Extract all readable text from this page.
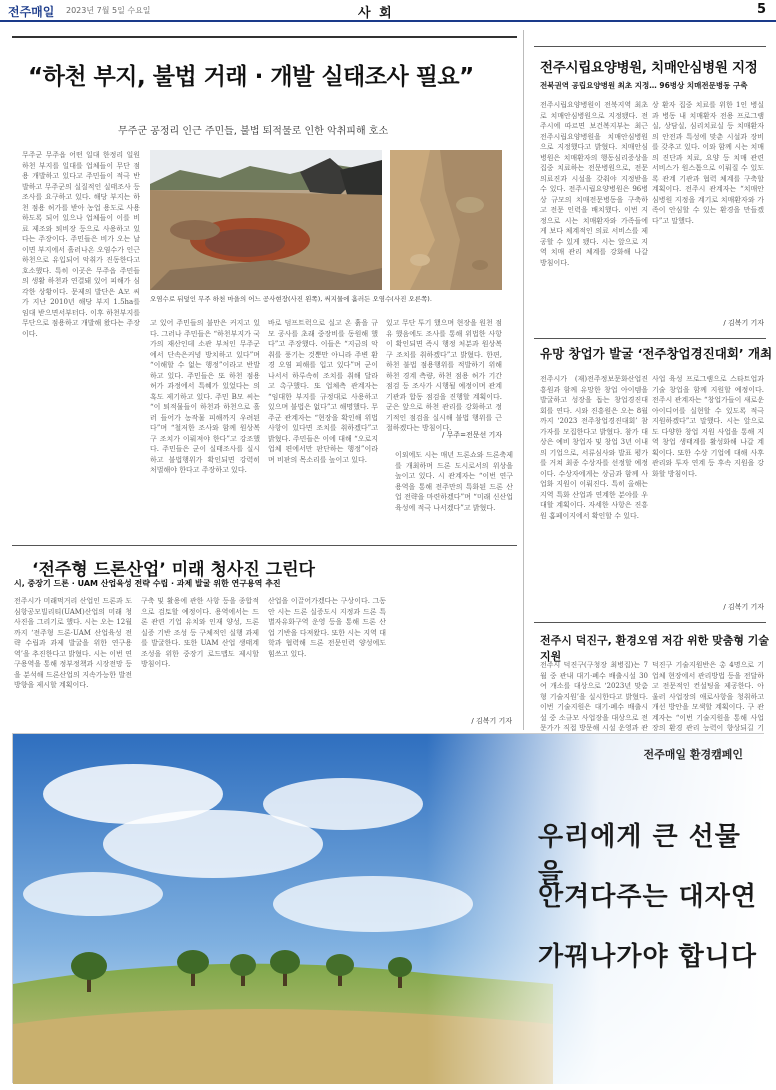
전주매일 2023년 7월 5일 수요일	사 회	5
“하천 부지, 불법 거래 · 개발 실태조사 필요”
무주군 공정리 인근 주민들, 불법 퇴적물로 인한 악취피해 호소
무주군 무주읍 어떤 일대 한정리 일원 하천 부지를 일대를 업체들이 무단 점용 개발하고 있다고 주민들이 적극 반발하고 무주군의 실질적인 실태조사 등 조사를 요구하고 있다. 해당 부지는 하천 점용 허가를 받아 농업 용도로 사용하도록 되어 있으나 업체들이 이를 비료 제조와 퇴비장 등으로 사용하고 있다는 주장이다. 주민들은 비가 오는 날이면 부지에서 흘러나온 오염수가 인근 하천으로 유입되어 악취가 진동한다고 호소했다. 특히 이곳은 무주읍 주민들의 생활 하천과 연결돼 있어 피해가 심각한 상황이다. 문제의 발단은 A모 씨가 지난 2010년 해당 부지 1.5ha를 임대 받으면서부터다. 이후 하천부지를 무단으로 점용하고 개발해 왔다는 주장이다.
오염수로 뒤덮인 무주 하천 마을의 어느 공사현장(사진 왼쪽), 써지물에 흘러든 오염수(사진 오른쪽).
고 있어 주민들의 불만은 커지고 있다. 그러나 주민들은 “하천부지가 국가의 재산인데 소관 부처인 무주군에서 단속은커녕 방치하고 있다”며 “이해할 수 없는 행정”이라고 반발하고 있다. 주민들은 또 하천 점용 허가 과정에서 특혜가 있었다는 의혹도 제기하고 있다. 주민 B모 씨는 “이 퇴적물들이 하천과 하천으로 흘러 들어가 농작물 피해까지 우려된다”며 “철저한 조사와 함께 원상복구 조치가 이뤄져야 한다”고 강조했다. 주민들은 군이 실태조사를 실시하고 불법행위가 확인되면 강력히 처벌해야 한다고 주장하고 있다.
바로 덤프트럭으로 실고 온 흙을 규모 공사를 초래 중장비를 동원해 했다”고 주장했다. 이들은 “지금의 악취를 풍기는 것뿐만 아니라 주변 환경 오염 피해를 입고 있다”며 군이 나서서 하루속히 조치를 취해 달라고 촉구했다. 또 업체측 관계자는 “임대한 부지를 규정대로 사용하고 있으며 불법은 없다”고 해명했다. 무주군 관계자는 “현장을 확인해 위법 사항이 있다면 조치를 취하겠다”고 밝혔다. 주민들은 이에 대해 “오로지 업체 편에서만 판단하는 행정”이라며 비판의 목소리를 높이고 있다.
있고 무단 투기 했으며 현장을 원천 점유 했음에도 조사를 통해 위법한 사항이 확인되면 즉시 행정 처분과 원상복구 조치를 취하겠다”고 밝혔다. 한편, 하천 불법 점용행위를 적발하기 위해 하천 경계 측량, 하천 점용 허가 기간 점검 등 조사가 시행될 예정이며 관계 기관과 합동 점검을 진행할 계획이다. 군은 앞으로 하천 관리를 강화하고 정기적인 점검을 실시해 불법 행위를 근절하겠다는 방침이다.
/ 무주=전문선 기자
전주시립요양병원, 치매안심병원 지정
전북권역 공립요양병원 최초 지정… 96병상 치매전문병동 구축
전주시립요양병원이 전북지역 최초로 치매안심병원으로 지정됐다. 전주시에 따르면 보건복지부는 최근 전주시립요양병원을 치매안심병원으로 지정했다고 밝혔다. 치매안심병원은 치매환자의 행동심리증상을 집중 치료하는 전문병원으로, 전문 의료진과 시설을 갖춰야 지정받을 수 있다. 전주시립요양병원은 96병상 규모의 치매전문병동을 구축하고 전문 인력을 배치했다. 이번 지정으로 시는 치매환자와 가족들에게 보다 체계적인 의료 서비스를 제공할 수 있게 됐다. 시는 앞으로 지역 치매 관리 체계를 강화해 나갈 방침이다.
상 환자 집중 치료를 위한 1인 병실과 병동 내 치매환자 전용 프로그램실, 상담실, 심리치료실 등 치매환자의 안전과 특성에 맞춘 시설과 장비를 갖추고 있다. 이와 함께 시는 치매의 진단과 치료, 요양 등 치매 관련 서비스가 원스톱으로 이뤄질 수 있도록 관계 기관과 협력 체계를 구축할 계획이다. 전주시 관계자는 “치매안심병원 지정을 계기로 치매환자와 가족이 안심할 수 있는 환경을 만들겠다”고 말했다.
/ 김복기 기자
유망 창업가 발굴 ‘전주창업경진대회’ 개최
전주시가 (재)전주정보문화산업진흥원과 함께 유망한 창업 아이템을 발굴하고 성장을 돕는 창업경진대회를 연다. 시와 진흥원은 오는 8월까지 ‘2023 전주창업경진대회’ 참가자를 모집한다고 밝혔다. 참가 대상은 예비 창업자 및 창업 3년 이내의 기업으로, 서류심사와 발표 평가를 거쳐 최종 수상자를 선정할 예정이다. 수상자에게는 상금과 함께 사업화 지원이 이뤄진다. 특히 올해는 지역 특화 산업과 연계한 분야를 우대할 계획이다. 자세한 사항은 진흥원 홈페이지에서 확인할 수 있다.
사업 육성 프로그램으로 스타트업과 기술 창업을 함께 지원할 예정이다. 전주시 관계자는 “창업가들이 새로운 아이디어를 실현할 수 있도록 적극 지원하겠다”고 말했다. 시는 앞으로도 다양한 창업 지원 사업을 통해 지역 창업 생태계를 활성화해 나갈 계획이다. 또한 수상 기업에 대해 사후 관리와 투자 연계 등 후속 지원을 강화할 방침이다.
/ 김복기 기자
전주시 덕진구, 환경오염 저감 위한 맞춤형 기술지원
전주시 덕진구(구청장 최병집)는 7월 중 관내 대기·폐수 배출시설 30여 개소를 대상으로 ‘2023년 맞춤형 기술지원’을 실시한다고 밝혔다. 이번 기술지원은 대기·폐수 배출시설 중 소규모 사업장을 대상으로 전문가가 직접 방문해 시설 운영과 관
덕진구 기술지원반은 총 4명으로 기업체 현장에서 관리방법 등을 전달하고 전문적인 컨설팅을 제공한다. 아울러 사업장의 애로사항을 청취하고 개선 방안을 모색할 계획이다. 구 관계자는 “이번 기술지원을 통해 사업장의 환경 관리 능력이 향상되길 기
‘전주형 드론산업’ 미래 청사진 그린다
시, 중장기 드론 · UAM 산업육성 전략 수립 · 과제 발굴 위한 연구용역 추진
전주시가 미래먹거리 산업인 드론과 도심항공모빌리티(UAM)산업의 미래 청사진을 그리기로 했다. 시는 오는 12월까지 ‘전주형 드론·UAM 산업육성 전략 수립과 과제 발굴을 위한 연구용역’을 추진한다고 밝혔다. 시는 이번 연구용역을 통해 정부정책과 시장전망 등을 분석해 드론산업의 지속가능한 발전 방향을 제시할 계획이다.
구축 및 활용에 관한 사항 등을 종합적으로 검토할 예정이다. 용역에서는 드론 관련 기업 유치와 인재 양성, 드론 실증 기반 조성 등 구체적인 실행 과제를 발굴한다. 또한 UAM 산업 생태계 조성을 위한 중장기 로드맵도 제시할 방침이다.
산업을 이끌어가겠다는 구상이다. 그동안 시는 드론 실증도시 지정과 드론 특별자유화구역 운영 등을 통해 드론 산업 기반을 다져왔다. 또한 시는 지역 대학과 협력해 드론 전문인력 양성에도 힘쓰고 있다.
이외에도 시는 매년 드론쇼와 드론축제를 개최하며 드론 도시로서의 위상을 높이고 있다. 시 관계자는 “이번 연구용역을 통해 전주만의 특화된 드론 산업 전략을 마련하겠다”며 “미래 신산업 육성에 적극 나서겠다”고 밝혔다.
/ 김복기 기자
전주매일 환경캠페인
우리에게 큰 선물을
안겨다주는 대자연
가꿔나가야 합니다
